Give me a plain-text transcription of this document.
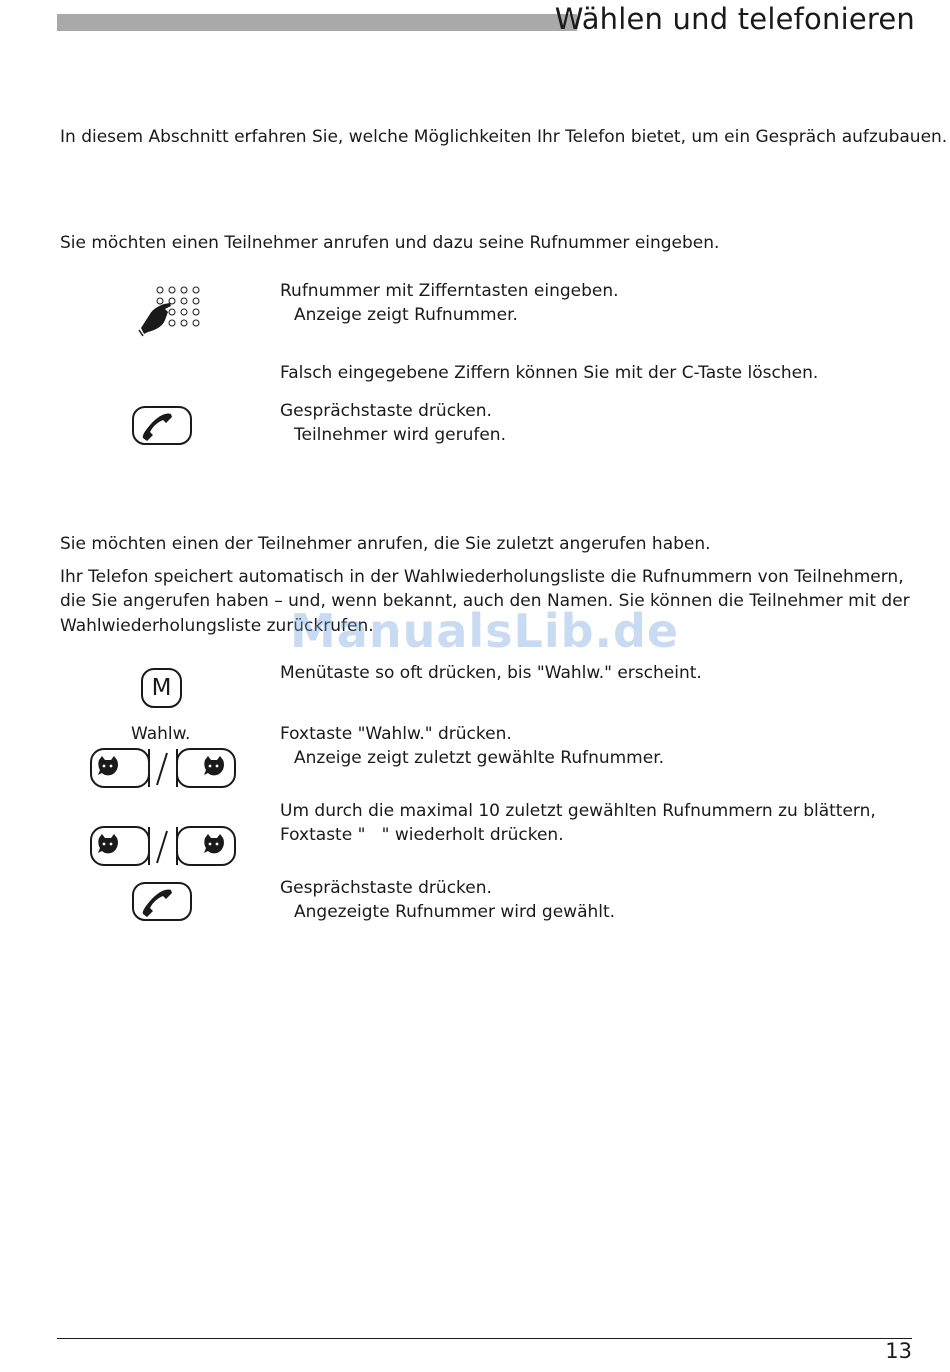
Wählen und telefonieren
In diesem Abschnitt erfahren Sie, welche Möglichkeiten Ihr Telefon bietet, um ein Gespräch aufzubauen.
Sie möchten einen Teilnehmer anrufen und dazu seine Rufnummer eingeben.
Rufnummer mit Zifferntasten eingeben.
Anzeige zeigt Rufnummer.
Falsch eingegebene Ziffern können Sie mit der C-Taste löschen.
Gesprächstaste drücken.
Teilnehmer wird gerufen.
Sie möchten einen der Teilnehmer anrufen, die Sie zuletzt angerufen haben.
Ihr Telefon speichert automatisch in der Wahlwiederholungsliste die Rufnummern von Teilnehmern,
die Sie angerufen haben – und, wenn bekannt, auch den Namen. Sie können die Teilnehmer mit der
Wahlwiederholungsliste zurückrufen.
ManualsLib.de
M
Menütaste so oft drücken, bis "Wahlw." erscheint.
Wahlw.	Foxtaste "Wahlw." drücken.
Anzeige zeigt zuletzt gewählte Rufnummer.
Um durch die maximal 10 zuletzt gewählten Rufnummern zu blättern,
Foxtaste "   " wiederholt drücken.
Gesprächstaste drücken.
Angezeigte Rufnummer wird gewählt.
13
